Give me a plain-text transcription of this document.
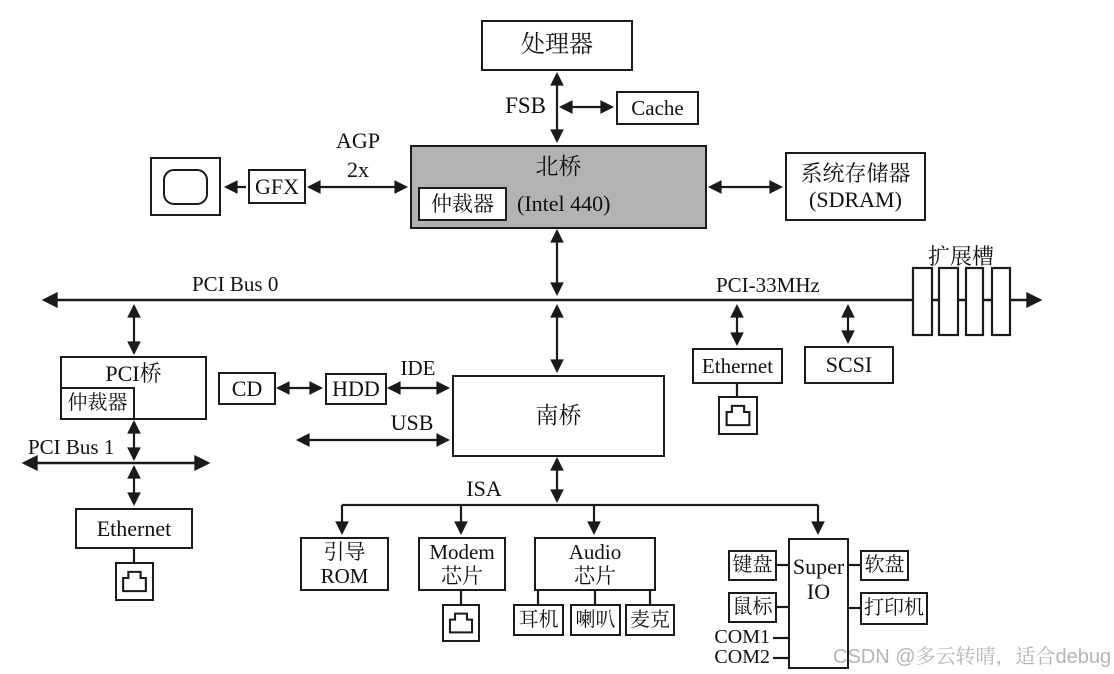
处理器
Cache
FSB
GFX
AGP
2x	北桥
仲裁器	(Intel 440)
系统存储器
(SDRAM)
PCI Bus 0	PCI-33MHz
扩展槽
Ethernet	SCSI
PCI桥
仲裁器
PCI Bus 1
Ethernet
CD	HDD
IDE
南桥
USB
ISA
引导
ROM
Modem
芯片
Audio
芯片
耳机 喇叭 麦克
Super
IO
键盘
鼠标
COM1
COM2
软盘
打印机
CSDN @多云转晴，适合debug
